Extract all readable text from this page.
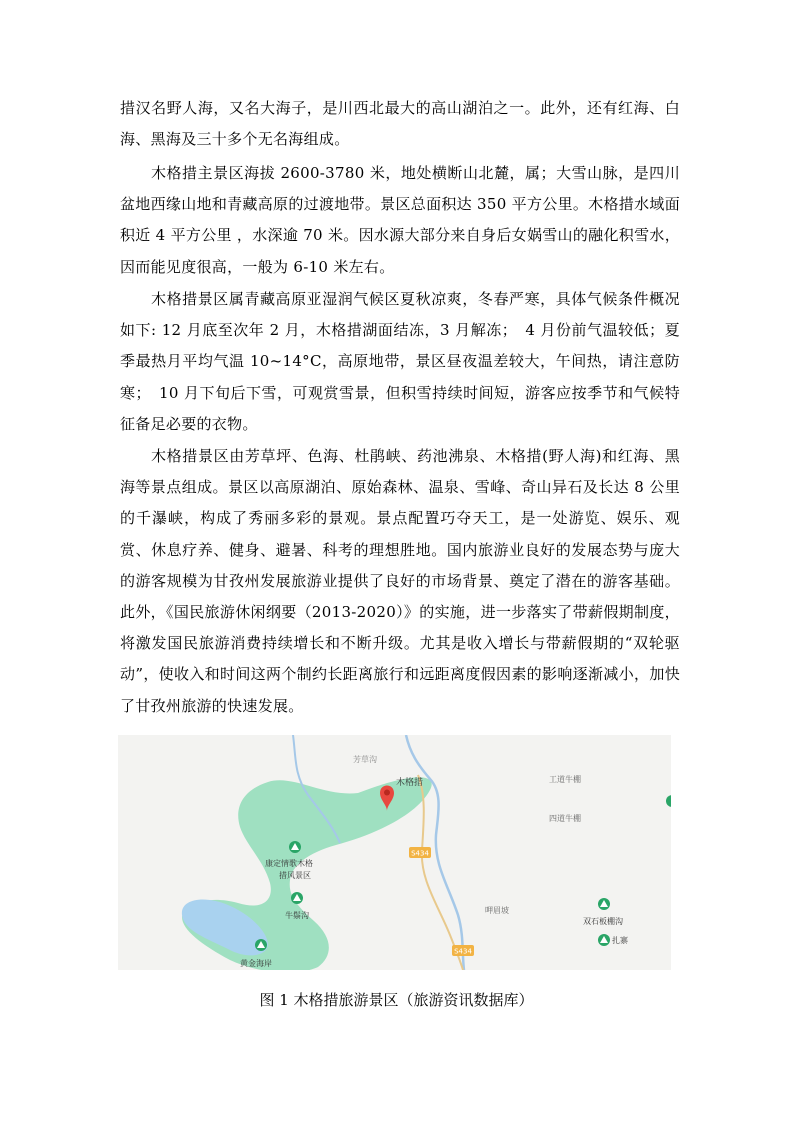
措汉名野人海，又名大海子，是川西北最大的高山湖泊之一。此外，还有红海、白海、黑海及三十多个无名海组成。

木格措主景区海拔 2600-3780 米，地处横断山北麓，属；大雪山脉，是四川盆地西缘山地和青藏高原的过渡地带。景区总面积达 350 平方公里。木格措水域面积近 4 平方公里 ，水深逾 70 米。因水源大部分来自身后女娲雪山的融化积雪水，因而能见度很高，一般为 6-10 米左右。

木格措景区属青藏高原亚湿润气候区夏秋凉爽，冬春严寒，具体气候条件概况如下: 12 月底至次年 2 月，木格措湖面结冻，3 月解冻；　4 月份前气温较低；夏季最热月平均气温 10~14°C，高原地带，景区昼夜温差较大，午间热，请注意防寒；　10 月下旬后下雪，可观赏雪景，但积雪持续时间短，游客应按季节和气候特征备足必要的衣物。

木格措景区由芳草坪、色海、杜鹃峡、药池沸泉、木格措(野人海)和红海、黑海等景点组成。景区以高原湖泊、原始森林、温泉、雪峰、奇山异石及长达 8 公里的千瀑峡，构成了秀丽多彩的景观。景点配置巧夺天工，是一处游览、娱乐、观赏、休息疗养、健身、避暑、科考的理想胜地。国内旅游业良好的发展态势与庞大的游客规模为甘孜州发展旅游业提供了良好的市场背景、奠定了潜在的游客基础。此外，《国民旅游休闲纲要（2013-2020）》的实施，进一步落实了带薪假期制度，将激发国民旅游消费持续增长和不断升级。尤其是收入增长与带薪假期的“双轮驱动”，使收入和时间这两个制约长距离旅行和远距离度假因素的影响逐渐减小，加快了甘孜州旅游的快速发展。

S434
S434
芳草沟
木格措	工道牛棚
四道牛棚
呷眉坡
康定情歌木格 措风景区
牛鬃沟
黄金海岸
双石板棚沟
扎寨

图 1 木格措旅游景区（旅游资讯数据库）
